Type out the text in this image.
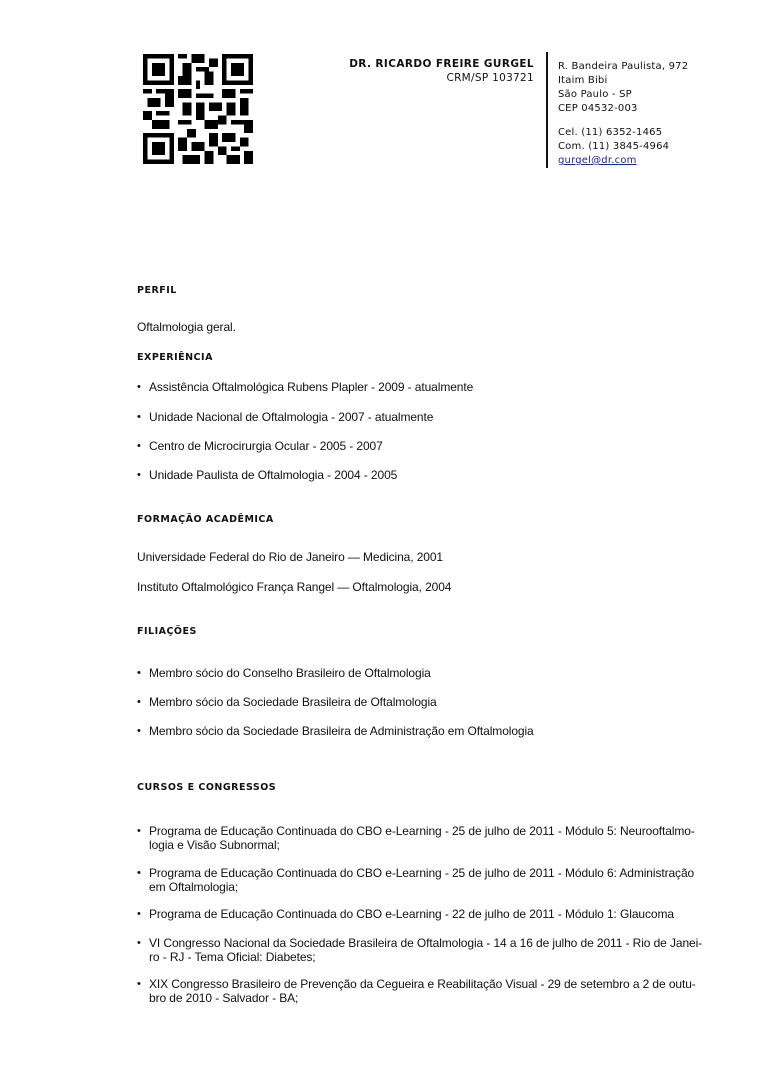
DR. RICARDO FREIRE GURGEL
CRM/SP 103721
R. Bandeira Paulista, 972
Itaim Bibi
São Paulo - SP
CEP 04532-003
Cel. (11) 6352-1465
Com. (11) 3845-4964
gurgel@dr.com
PERFIL
Oftalmologia geral.
EXPERIÊNCIA
• Assistência Oftalmológica Rubens Plapler - 2009 - atualmente
• Unidade Nacional de Oftalmologia - 2007 - atualmente
• Centro de Microcirurgia Ocular - 2005 - 2007
• Unidade Paulista de Oftalmologia - 2004 - 2005
FORMAÇÃO ACADÊMICA
Universidade Federal do Rio de Janeiro — Medicina, 2001
Instituto Oftalmológico França Rangel — Oftalmologia, 2004
FILIAÇÕES
• Membro sócio do Conselho Brasileiro de Oftalmologia
• Membro sócio da Sociedade Brasileira de Oftalmologia
• Membro sócio da Sociedade Brasileira de Administração em Oftalmologia
CURSOS E CONGRESSOS
• Programa de Educação Continuada do CBO e-Learning - 25 de julho de 2011 - Módulo 5: Neurooftalmo-logia e Visão Subnormal;
• Programa de Educação Continuada do CBO e-Learning - 25 de julho de 2011 - Módulo 6: Administração em Oftalmologia;
• Programa de Educação Continuada do CBO e-Learning - 22 de julho de 2011 - Módulo 1: Glaucoma
• VI Congresso Nacional da Sociedade Brasileira de Oftalmologia - 14 a 16 de julho de 2011 - Rio de Janei-ro - RJ - Tema Oficial: Diabetes;
• XIX Congresso Brasileiro de Prevenção da Cegueira e Reabilitação Visual - 29 de setembro a 2 de outu-bro de 2010 - Salvador - BA;
